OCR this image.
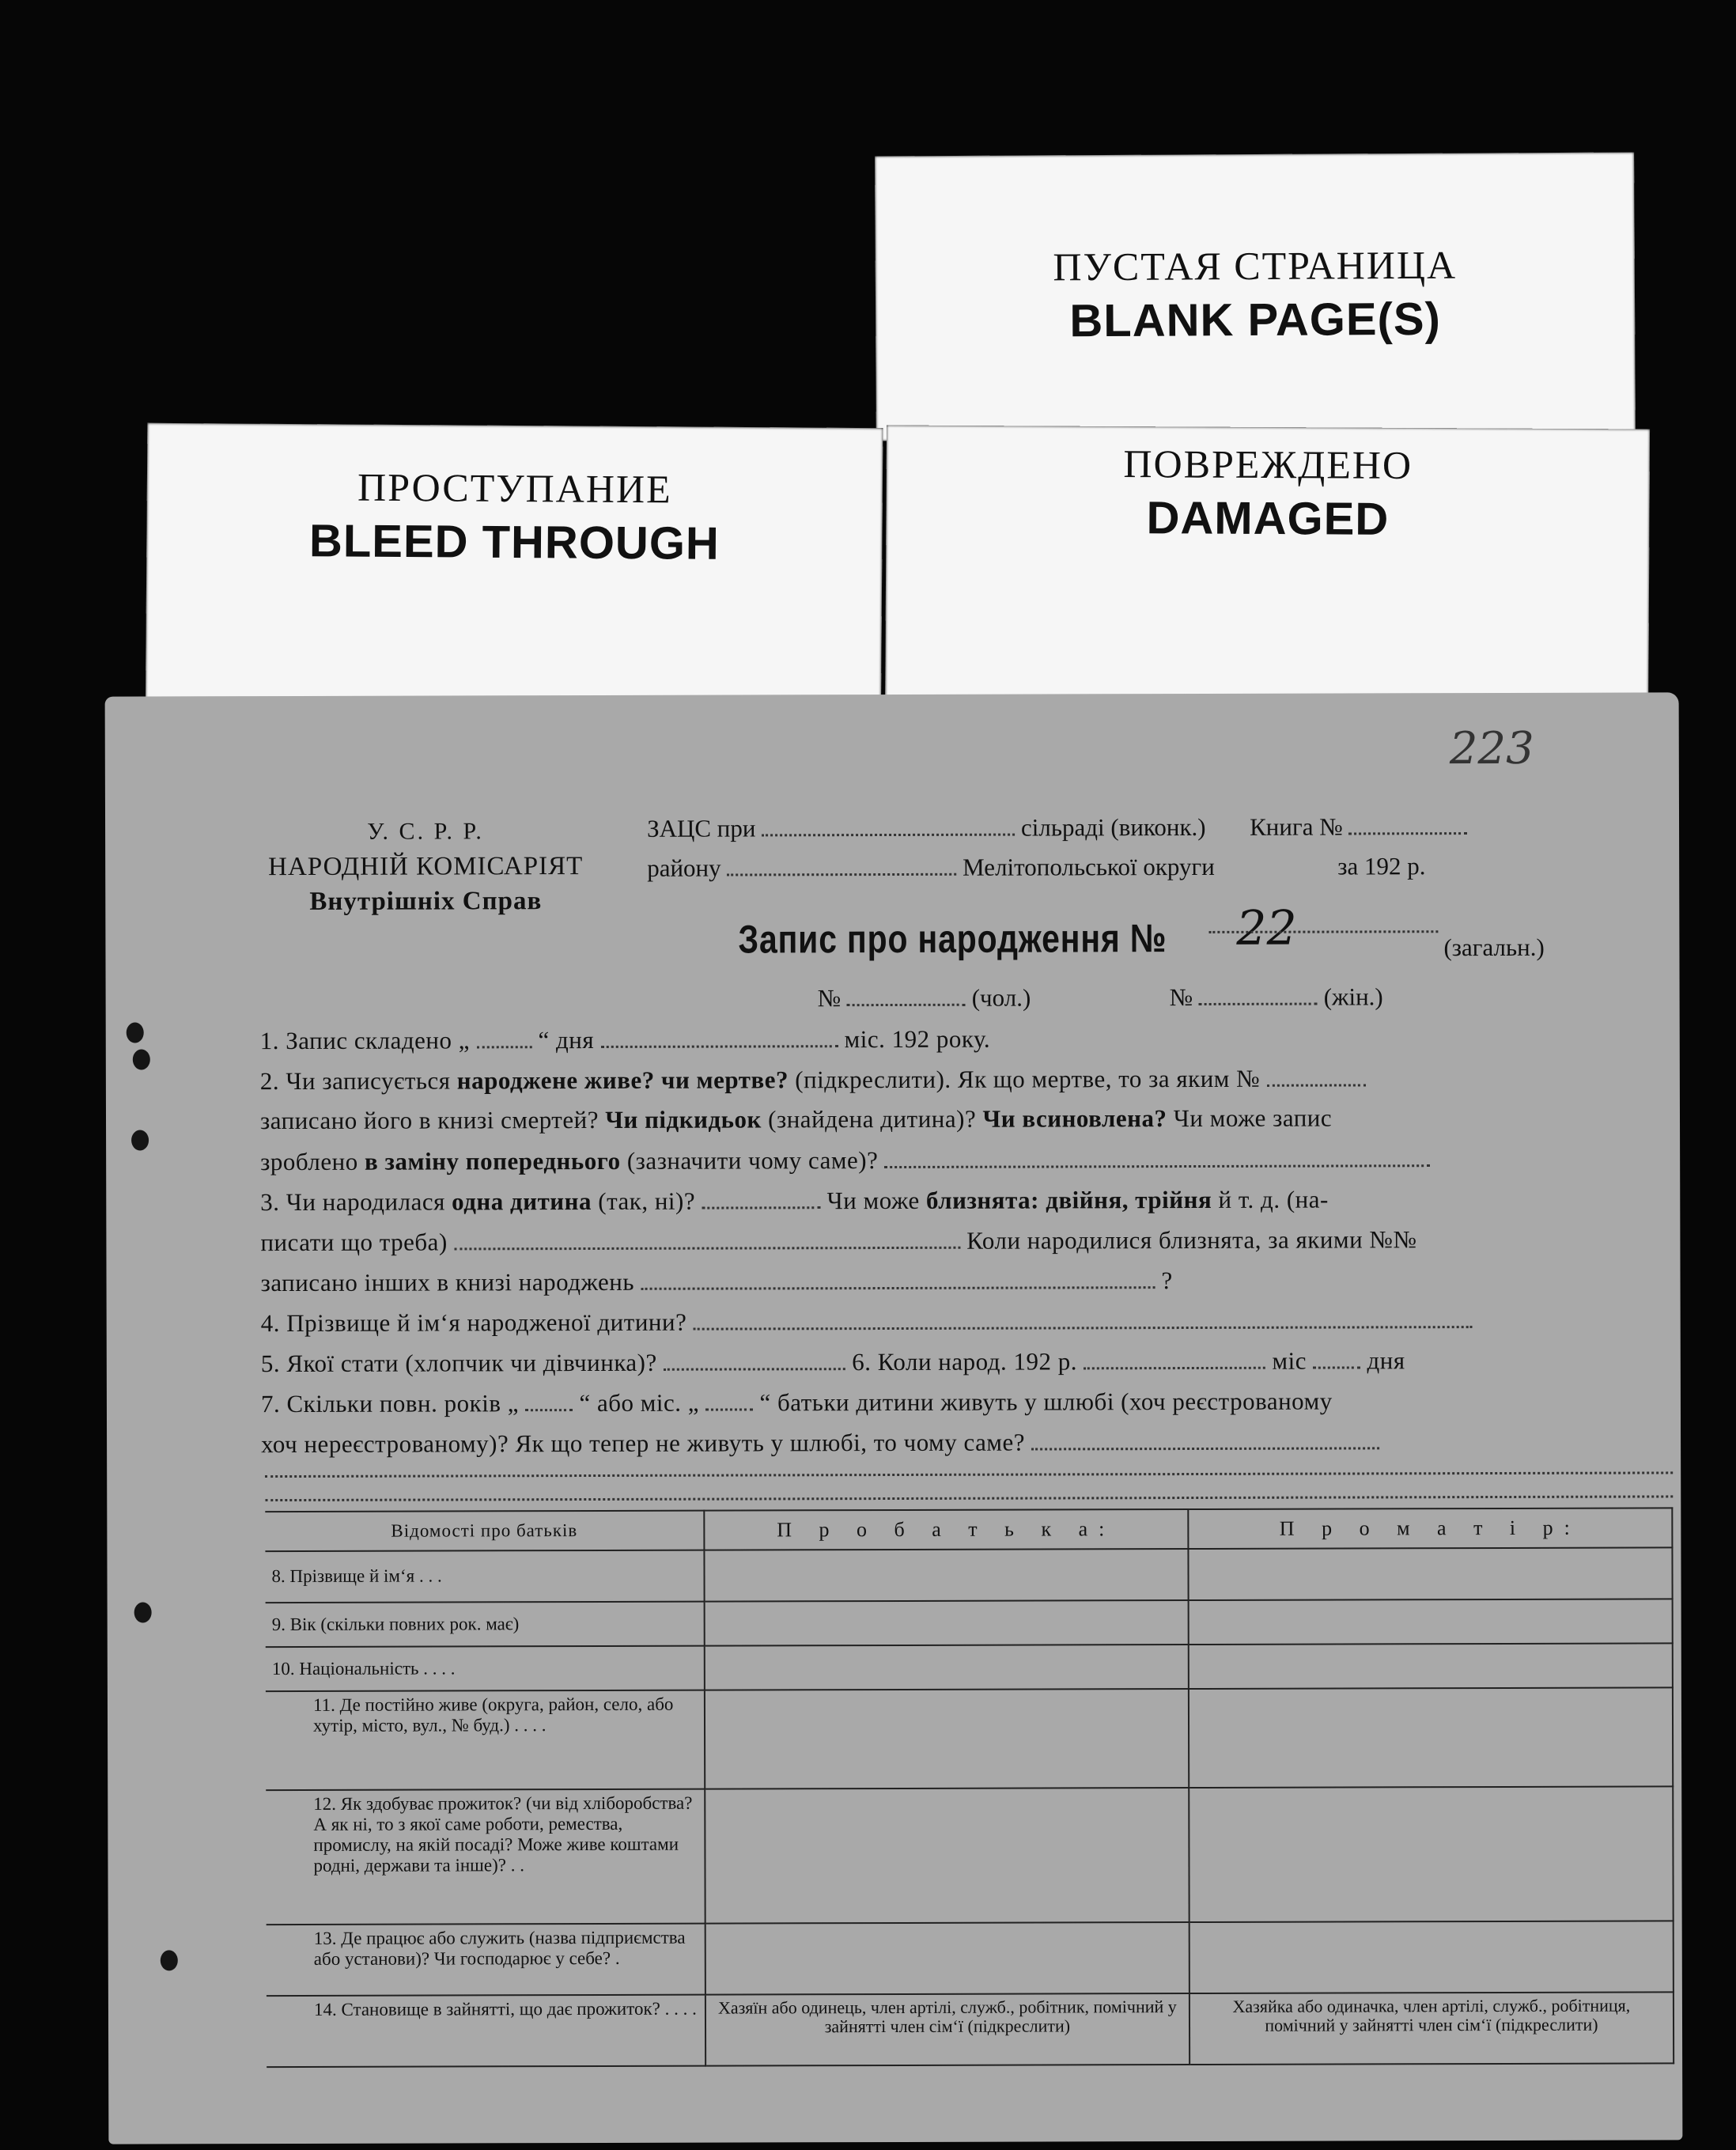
ПУСТАЯ СТРАНИЦА
BLANK PAGE(S)
ПРОСТУПАНИЕ
BLEED THROUGH
ПОВРЕЖДЕНО
DAMAGED
223
У. С. Р. Р.
НАРОДНІЙ КОМІСАРІЯТ
Внутрішніх Справ
ЗАЦС при	сільраді (виконк.) Книга №
району	Мелітопольської округи	за 192 р.
Запис про народження № 22	(загальн.)
№	(чол.)	№	(жін.)
1. Запис складено „	“ дня	міс. 192 року.
2. Чи записується народжене живе? чи мертве? (підкреслити). Як що мертве, то за яким №
записано його в книзі смертей? Чи підкидьок (знайдена дитина)? Чи всиновлена? Чи може запис
зроблено в заміну попереднього (зазначити чому саме)?
3. Чи народилася одна дитина (так, ні)?	Чи може близнята: двійня, трійня й т. д. (на-
писати що треба)	Коли народилися близнята, за якими №№
записано інших в книзі народжень	?
4. Прізвище й ім‘я народженої дитини?
5. Якої стати (хлопчик чи дівчинка)?	6. Коли народ. 192 р.	міс дня
7. Скільки повн. років „ “ або міс. „ “ батьки дитини живуть у шлюбі (хоч реєстрованому
хоч нереєстрованому)? Як що тепер не живуть у шлюбі, то чому саме?
Відомості про батьків	П р о б а т ь к а:	П р о м а т і р:
8. Прізвище й ім‘я . . .		
9. Вік (скільки повних рок. має)		
10. Національність . . . .		
11. Де постійно живе (округа, район, село, або хутір, місто, вул., № буд.) . . . .		
12. Як здобуває прожиток? (чи від хліборобства? А як ні, то з якої саме роботи, ремества, промислу, на якій посаді? Може живе коштами родні, держави та інше)? . .		
13. Де працює або служить (назва підприємства або установи)? Чи господарює у себе? .		
14. Становище в зайнятті, що дає прожиток? . . . .	Хазяїн або одинець, член артілі, служб., робітник, помічний у зайнятті член сім‘ї (підкреслити)	Хазяйка або одиначка, член артілі, служб., робітниця, помічний у зайнятті член сім‘ї (підкреслити)
